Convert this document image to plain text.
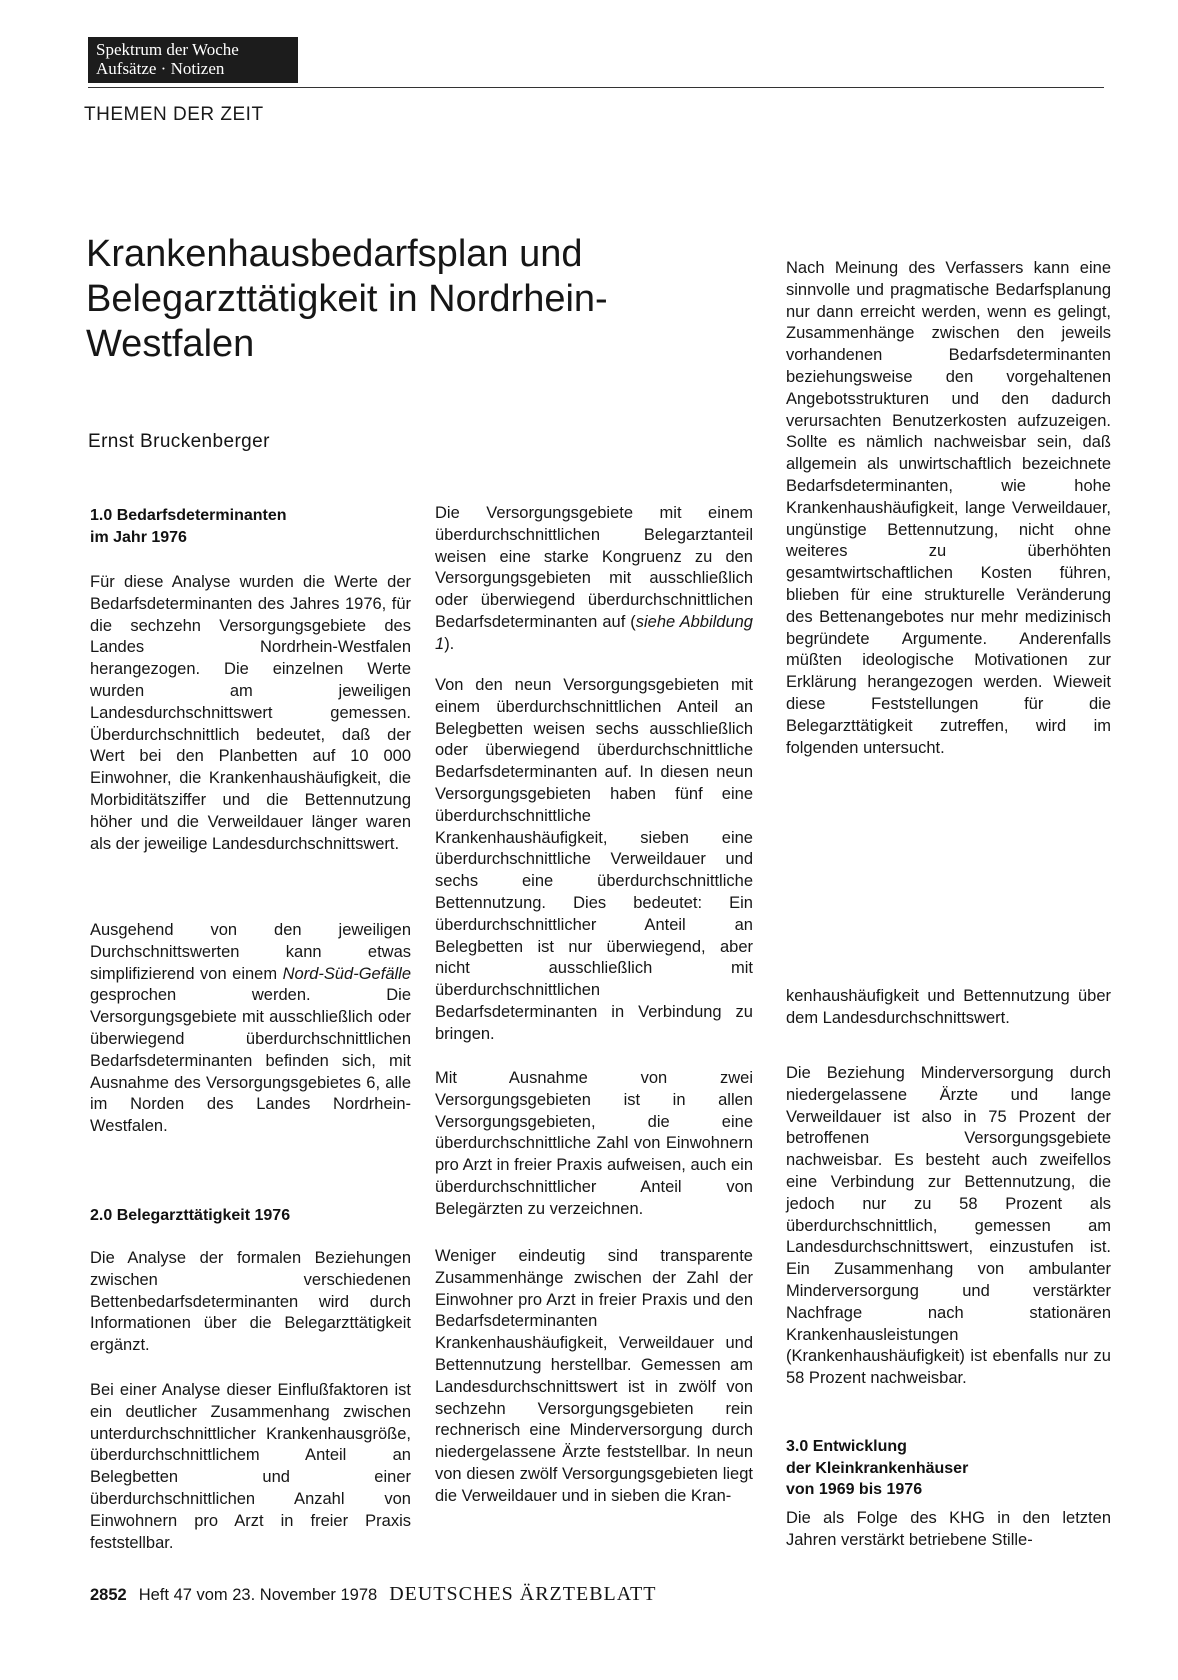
Spektrum der Woche
Aufsätze · Notizen
THEMEN DER ZEIT
Krankenhausbedarfsplan und Belegarzttätigkeit in Nordrhein-Westfalen
Ernst Bruckenberger
1.0 Bedarfsdeterminanten
im Jahr 1976

Für diese Analyse wurden die Werte der Bedarfsdeterminanten des Jahres 1976, für die sechzehn Versorgungsgebiete des Landes Nordrhein-Westfalen herangezogen. Die einzelnen Werte wurden am jeweiligen Landesdurchschnittswert gemessen. Überdurchschnittlich bedeutet, daß der Wert bei den Planbetten auf 10 000 Einwohner, die Krankenhaushäufigkeit, die Morbiditätsziffer und die Bettennutzung höher und die Verweildauer länger waren als der jeweilige Landesdurchschnittswert.

Ausgehend von den jeweiligen Durchschnittswerten kann etwas simplifizierend von einem Nord-Süd-Gefälle gesprochen werden. Die Versorgungsgebiete mit ausschließlich oder überwiegend überdurchschnittlichen Bedarfsdeterminanten befinden sich, mit Ausnahme des Versorgungsgebietes 6, alle im Norden des Landes Nordrhein-Westfalen.

2.0 Belegarzttätigkeit 1976

Die Analyse der formalen Beziehungen zwischen verschiedenen Bettenbedarfsdeterminanten wird durch Informationen über die Belegarzttätigkeit ergänzt.

Bei einer Analyse dieser Einflußfaktoren ist ein deutlicher Zusammenhang zwischen unterdurchschnittlicher Krankenhausgröße, überdurchschnittlichem Anteil an Belegbetten und einer überdurchschnittlichen Anzahl von Einwohnern pro Arzt in freier Praxis feststellbar.

Die Versorgungsgebiete mit einem überdurchschnittlichen Belegarztanteil weisen eine starke Kongruenz zu den Versorgungsgebieten mit ausschließlich oder überwiegend überdurchschnittlichen Bedarfsdeterminanten auf (siehe Abbildung 1).

Von den neun Versorgungsgebieten mit einem überdurchschnittlichen Anteil an Belegbetten weisen sechs ausschließlich oder überwiegend überdurchschnittliche Bedarfsdeterminanten auf. In diesen neun Versorgungsgebieten haben fünf eine überdurchschnittliche Krankenhaushäufigkeit, sieben eine überdurchschnittliche Verweildauer und sechs eine überdurchschnittliche Bettennutzung. Dies bedeutet: Ein überdurchschnittlicher Anteil an Belegbetten ist nur überwiegend, aber nicht ausschließlich mit überdurchschnittlichen Bedarfsdeterminanten in Verbindung zu bringen.

Mit Ausnahme von zwei Versorgungsgebieten ist in allen Versorgungsgebieten, die eine überdurchschnittliche Zahl von Einwohnern pro Arzt in freier Praxis aufweisen, auch ein überdurchschnittlicher Anteil von Belegärzten zu verzeichnen.

Weniger eindeutig sind transparente Zusammenhänge zwischen der Zahl der Einwohner pro Arzt in freier Praxis und den Bedarfsdeterminanten Krankenhaushäufigkeit, Verweildauer und Bettennutzung herstellbar. Gemessen am Landesdurchschnittswert ist in zwölf von sechzehn Versorgungsgebieten rein rechnerisch eine Minderversorgung durch niedergelassene Ärzte feststellbar. In neun von diesen zwölf Versorgungsgebieten liegt die Verweildauer und in sieben die Kran-

Nach Meinung des Verfassers kann eine sinnvolle und pragmatische Bedarfsplanung nur dann erreicht werden, wenn es gelingt, Zusammenhänge zwischen den jeweils vorhandenen Bedarfsdeterminanten beziehungsweise den vorgehaltenen Angebotsstrukturen und den dadurch verursachten Benutzerkosten aufzuzeigen. Sollte es nämlich nachweisbar sein, daß allgemein als unwirtschaftlich bezeichnete Bedarfsdeterminanten, wie hohe Krankenhaushäufigkeit, lange Verweildauer, ungünstige Bettennutzung, nicht ohne weiteres zu überhöhten gesamtwirtschaftlichen Kosten führen, blieben für eine strukturelle Veränderung des Bettenangebotes nur mehr medizinisch begründete Argumente. Anderenfalls müßten ideologische Motivationen zur Erklärung herangezogen werden. Wieweit diese Feststellungen für die Belegarzttätigkeit zutreffen, wird im folgenden untersucht.

kenhaushäufigkeit und Bettennutzung über dem Landesdurchschnittswert.

Die Beziehung Minderversorgung durch niedergelassene Ärzte und lange Verweildauer ist also in 75 Prozent der betroffenen Versorgungsgebiete nachweisbar. Es besteht auch zweifellos eine Verbindung zur Bettennutzung, die jedoch nur zu 58 Prozent als überdurchschnittlich, gemessen am Landesdurchschnittswert, einzustufen ist. Ein Zusammenhang von ambulanter Minderversorgung und verstärkter Nachfrage nach stationären Krankenhausleistungen (Krankenhaushäufigkeit) ist ebenfalls nur zu 58 Prozent nachweisbar.

3.0 Entwicklung
der Kleinkrankenhäuser
von 1969 bis 1976

Die als Folge des KHG in den letzten Jahren verstärkt betriebene Stille-

2852 Heft 47 vom 23. November 1978 DEUTSCHES ÄRZTEBLATT
